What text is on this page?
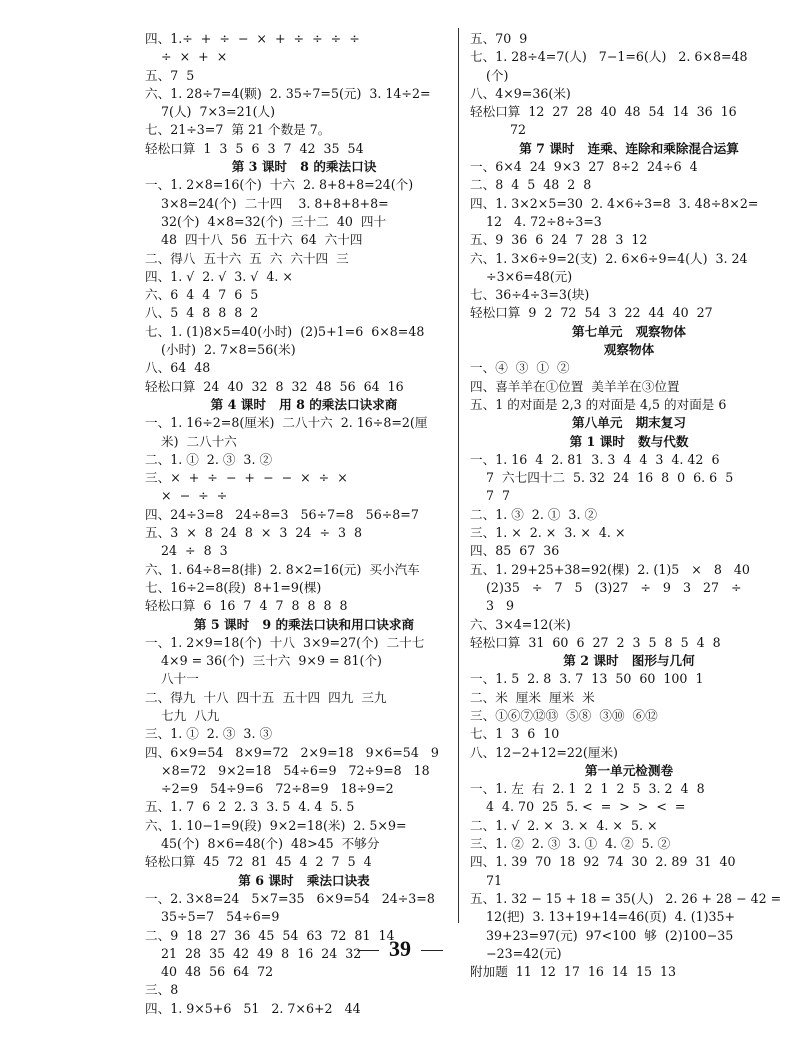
四、1.÷  +  ÷  −  ×  +  ÷  ÷  ÷  ÷
÷  ×  +  ×
五、7  5
六、1. 28÷7=4(颗)  2. 35÷7=5(元)  3. 14÷2=
7(人)  7×3=21(人)
七、21÷3=7  第 21 个数是 7。
轻松口算  1  3  5  6  3  7  42  35  54
第 3 课时   8 的乘法口诀
一、1. 2×8=16(个)  十六  2. 8+8+8=24(个)
3×8=24(个)  二十四    3. 8+8+8+8=
32(个)  4×8=32(个)  三十二  40  四十
48  四十八  56  五十六  64  六十四
二、得八  五十六  五  六  六十四  三
四、1. √  2. √  3. √  4. ×
六、6  4  4  7  6  5
八、5  4  8  8  8  2
七、1. (1)8×5=40(小时)  (2)5+1=6  6×8=48
(小时)  2. 7×8=56(米)
八、64  48
轻松口算  24  40  32  8  32  48  56  64  16
第 4 课时   用 8 的乘法口诀求商
一、1. 16÷2=8(厘米)  二八十六  2. 16÷8=2(厘
米)  二八十六
二、1. ①  2. ③  3. ②
三、×  +  ÷  −  +  −  −  ×  ÷  ×
×  −  ÷  ÷
四、24÷3=8   24÷8=3   56÷7=8   56÷8=7
五、3  ×  8  24  8  ×  3  24  ÷  3  8
24  ÷  8  3
六、1. 64÷8=8(排)  2. 8×2=16(元)  买小汽车
七、16÷2=8(段)  8+1=9(棵)
轻松口算  6  16  7  4  7  8  8  8  8
第 5 课时   9 的乘法口诀和用口诀求商
一、1. 2×9=18(个)  十八  3×9=27(个)  二十七
4×9 = 36(个)  三十六  9×9 = 81(个)
八十一
二、得九  十八  四十五  五十四  四九  三九
七九  八九
三、1. ①  2. ③  3. ③
四、6×9=54   8×9=72   2×9=18   9×6=54   9
×8=72   9×2=18   54÷6=9   72÷9=8   18
÷2=9   54÷9=6   72÷8=9   18÷9=2
五、1. 7  6  2  2. 3  3. 5  4. 4  5. 5
六、1. 10−1=9(段)  9×2=18(米)  2. 5×9=
45(个)  8×6=48(个)  48>45  不够分
轻松口算  45  72  81  45  4  2  7  5  4
第 6 课时   乘法口诀表
一、2. 3×8=24   5×7=35   6×9=54   24÷3=8
35÷5=7   54÷6=9
二、9  18  27  36  45  54  63  72  81  14
21  28  35  42  49  8  16  24  32
40  48  56  64  72
三、8
四、1. 9×5+6   51   2. 7×6+2   44
五、70  9
七、1. 28÷4=7(人)   7−1=6(人)   2. 6×8=48
(个)
八、4×9=36(米)
轻松口算  12  27  28  40  48  54  14  36  16
72
第 7 课时   连乘、连除和乘除混合运算
一、6×4  24  9×3  27  8÷2  24÷6  4
二、8  4  5  48  2  8
四、1. 3×2×5=30  2. 4×6÷3=8  3. 48÷8×2=
12   4. 72÷8÷3=3
五、9  36  6  24  7  28  3  12
六、1. 3×6÷9=2(支)  2. 6×6÷9=4(人)  3. 24
÷3×6=48(元)
七、36÷4÷3=3(块)
轻松口算  9  2  72  54  3  22  44  40  27
第七单元   观察物体
观察物体
一、④  ③  ①  ②
四、喜羊羊在①位置  美羊羊在③位置
五、1 的对面是 2,3 的对面是 4,5 的对面是 6
第八单元   期末复习
第 1 课时   数与代数
一、1. 16  4  2. 81  3. 3  4  4  3  4. 42  6
7  六七四十二  5. 32  24  16  8  0  6. 6  5
7  7
二、1. ③  2. ①  3. ②
三、1. ×  2. ×  3. ×  4. ×
四、85  67  36
五、1. 29+25+38=92(棵)  2. (1)5   ×   8   40
(2)35   ÷   7   5   (3)27   ÷   9   3   27   ÷
3   9
六、3×4=12(米)
轻松口算  31  60  6  27  2  3  5  8  5  4  8
第 2 课时   图形与几何
一、1. 5  2. 8  3. 7  13  50  60  100  1
二、米  厘米  厘米  米
三、①⑥⑦⑫⑬  ⑤⑧  ③⑩  ⑥⑫
七、1  3  6  10
八、12−2+12=22(厘米)
第一单元检测卷
一、1. 左  右  2. 1  2  1  2  5  3. 2  4  8
4  4. 70  25  5. <  =  >  >  <  =
二、1. √  2. ×  3. ×  4. ×  5. ×
三、1. ②  2. ③  3. ①  4. ②  5. ②
四、1. 39  70  18  92  74  30  2. 89  31  40
71
五、1. 32 − 15 + 18 = 35(人)   2. 26 + 28 − 42 =
12(把)  3. 13+19+14=46(页)  4. (1)35+
39+23=97(元)  97<100  够  (2)100−35
−23=42(元)
附加题  11  12  17  16  14  15  13
39
